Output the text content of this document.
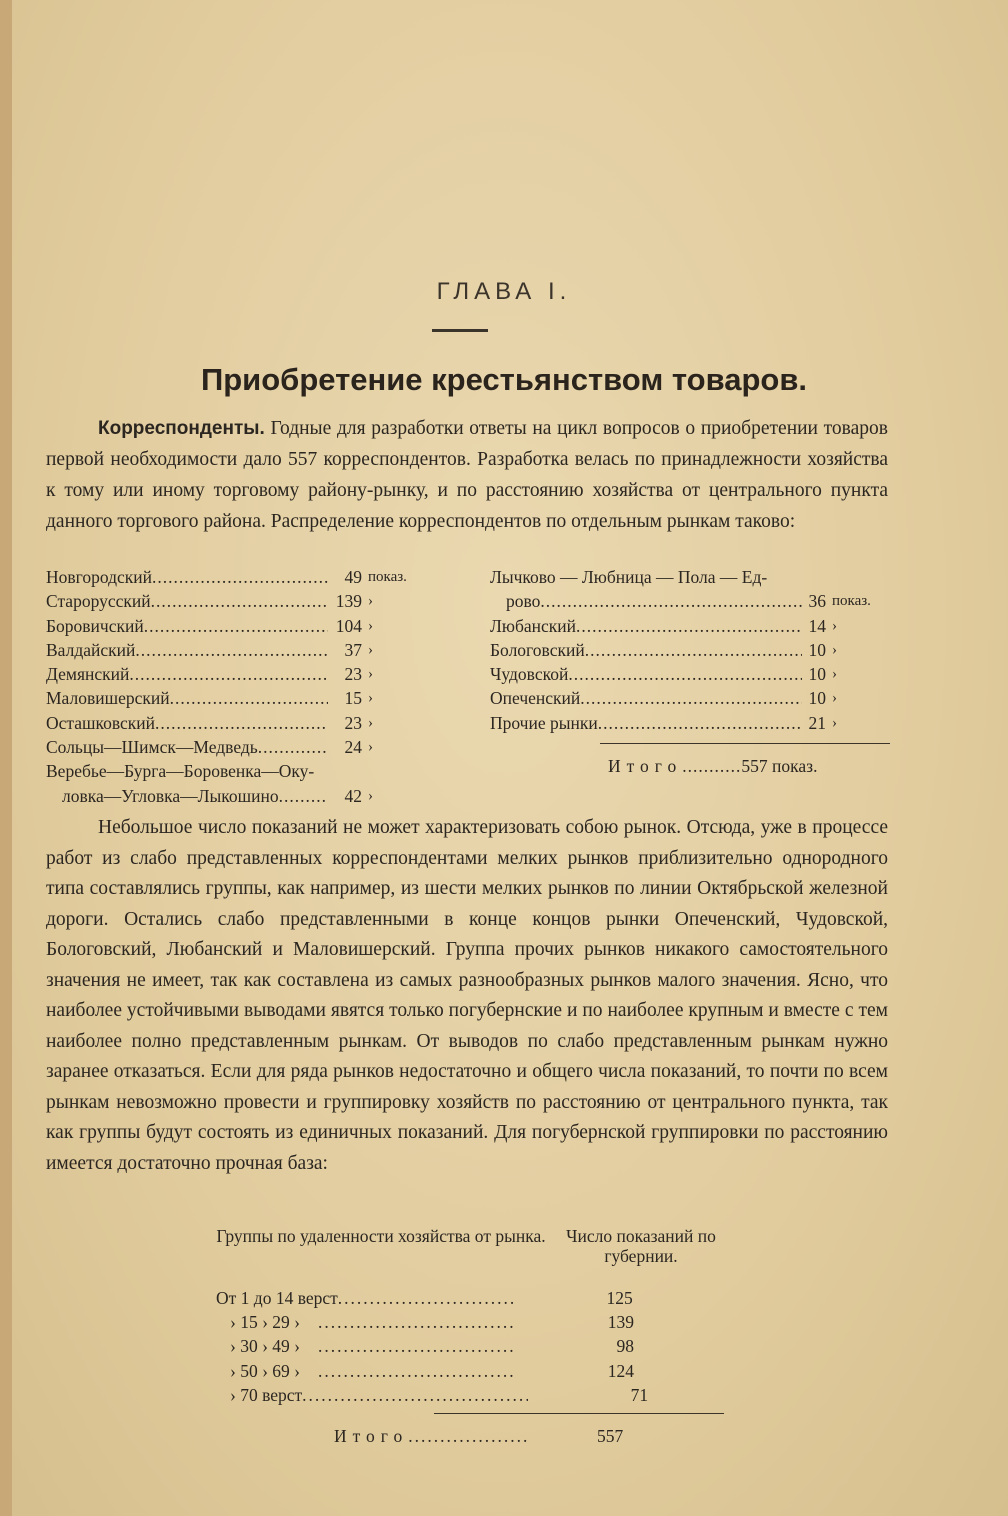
ГЛАВА I.
Приобретение крестьянством товаров.
Корреспонденты. Годные для разработки ответы на цикл вопросов о приобретении товаров первой необходимости дало 557 корреспондентов. Разработка велась по принадлежности хозяйства к тому или иному торговому району-рынку, и по расстоянию хозяйства от центрального пункта данного торгового района. Распределение корреспондентов по отдельным рынкам таково:
Новгородский .....	49 показ.
Старорусский .....	139 ›
Боровичский .....	104 ›
Валдайский .....	37 ›
Демянский .....	23 ›
Маловишерский .....	15 ›
Осташковский .....	23 ›
Сольцы—Шимск—Медведь .....	24 ›
Веребье—Бурга—Боровенка—Оку-
ловка—Угловка—Лыкошино .....	42 ›
Лычково — Любница — Пола — Ед-
рово .....	36 показ.
Любанский .....	14 ›
Бологовский .....	10 ›
Чудовской .....	10 ›
Опеченский .....	10 ›
Прочие рынки .....	21 ›
Итого ........... 557 показ.
Небольшое число показаний не может характеризовать собою рынок. Отсюда, уже в процессе работ из слабо представленных корреспондентами мелких рынков приблизительно однородного типа составлялись группы, как например, из шести мелких рынков по линии Октябрьской железной дороги. Остались слабо представленными в конце концов рынки Опеченский, Чудовской, Бологовский, Любанский и Маловишерский. Группа прочих рынков никакого самостоятельного значения не имеет, так как составлена из самых разнообразных рынков малого значения. Ясно, что наиболее устойчивыми выводами явятся только погубернские и по наиболее крупным и вместе с тем наиболее полно представленным рынкам. От выводов по слабо представленным рынкам нужно заранее отказаться. Если для ряда рынков недостаточно и общего числа показаний, то почти по всем рынкам невозможно провести и группировку хозяйств по расстоянию от центрального пункта, так как группы будут состоять из единичных показаний. Для погубернской группировки по расстоянию имеется достаточно прочная база:
Группы по удаленности хозяйства от рынка.	Число показаний по губернии.
От 1 до 14 верст .....	125
› 15 › 29 › .....	139
› 30 › 49 › .....	98
› 50 › 69 › .....	124
› 70 верст .....	71
Итого .....	557
